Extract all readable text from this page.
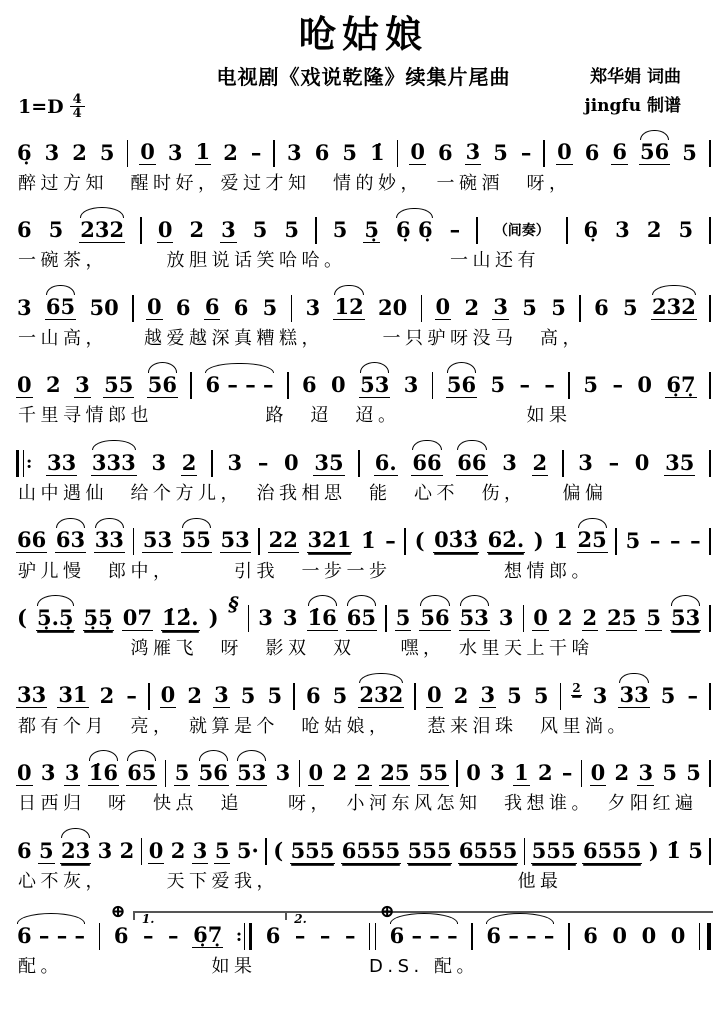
呛姑娘
电视剧《戏说乾隆》续集片尾曲	郑华娟 词曲
$1=D \frac{4}{4}$	jingfu 制谱
6̣ 3 2 5 0 3 1 2 – 3 6 5 1̇ 0 6 3 5 – 0 6 6 56 5
醉过方知　醒时好，爱过才知　情的妙，　一碗酒　呀，
6 5 232 0 2 3 5 5 5 5̣ 6̣ 6̣ – （间奏） 6̣ 3 2 5
一碗茶，　　　放胆说话笑哈哈。　　　　　一山还有
3 65 50 0 6 6 6 5 3 12 20 0 2 3 5 5 6 5 232
一山高，　　越爱越深真糟糕，　　　一只驴呀没马　高，
0 2 3 55 56 6 – – – 6 0 53 3 56 5 – – 5 – 0 6̣7̣
千里寻情郎也　　　　　路　迢　迢。　　　　　　如果
: 33 333 3 2 3 – 0 35 6. 66 66 3 2 3 – 0 35
山中遇仙　给个方儿，　治我相思　能　心不　伤，　　偏偏
66 63 33 53 55 53 22 321 1̇ – ( 03̇3̇ 62̇. ) 1 25 5 – – –
驴儿慢　郎中，　　　引我　一步一步　　　　　想情郎。
( 5̣.5̣ 5̣5̣ 07 1̇2̇. )
§
3 3 1̇6 65 5 56 53 3 0 2 2 25 5 53
　　　　　鸿雁飞　呀　影双　双　　嘿，　水里天上干啥
33 31 2 – 0 2 3 5 5 6 5 232 0 2 3 5 5 2 3 33 5 –
都有个月　亮，　就算是个　呛姑娘，　　惹来泪珠　风里淌。
0 3 3 1̇6 65 5 56 53 3 0 2 2 25 55 0 3 1 2 – 0 2 3 5 5
日西归　呀　快点　追　　呀，　小河东风怎知　我想谁。　夕阳红遍
6 5 23 3 2 0 2 3 5 5· ( 555 6555 555 6555 555 6555 ) 1̇ 5
心不灰，　　　天下爱我，　　　　　　　　　　　他最
1.	2.
⊕	⊕
6 – – – 6 – – 6̣7̣ : 6 – – – 6 – – – 6 – – – 6 0 0 0
配。　　　　　　　如果　　　　　D.S. 配。
